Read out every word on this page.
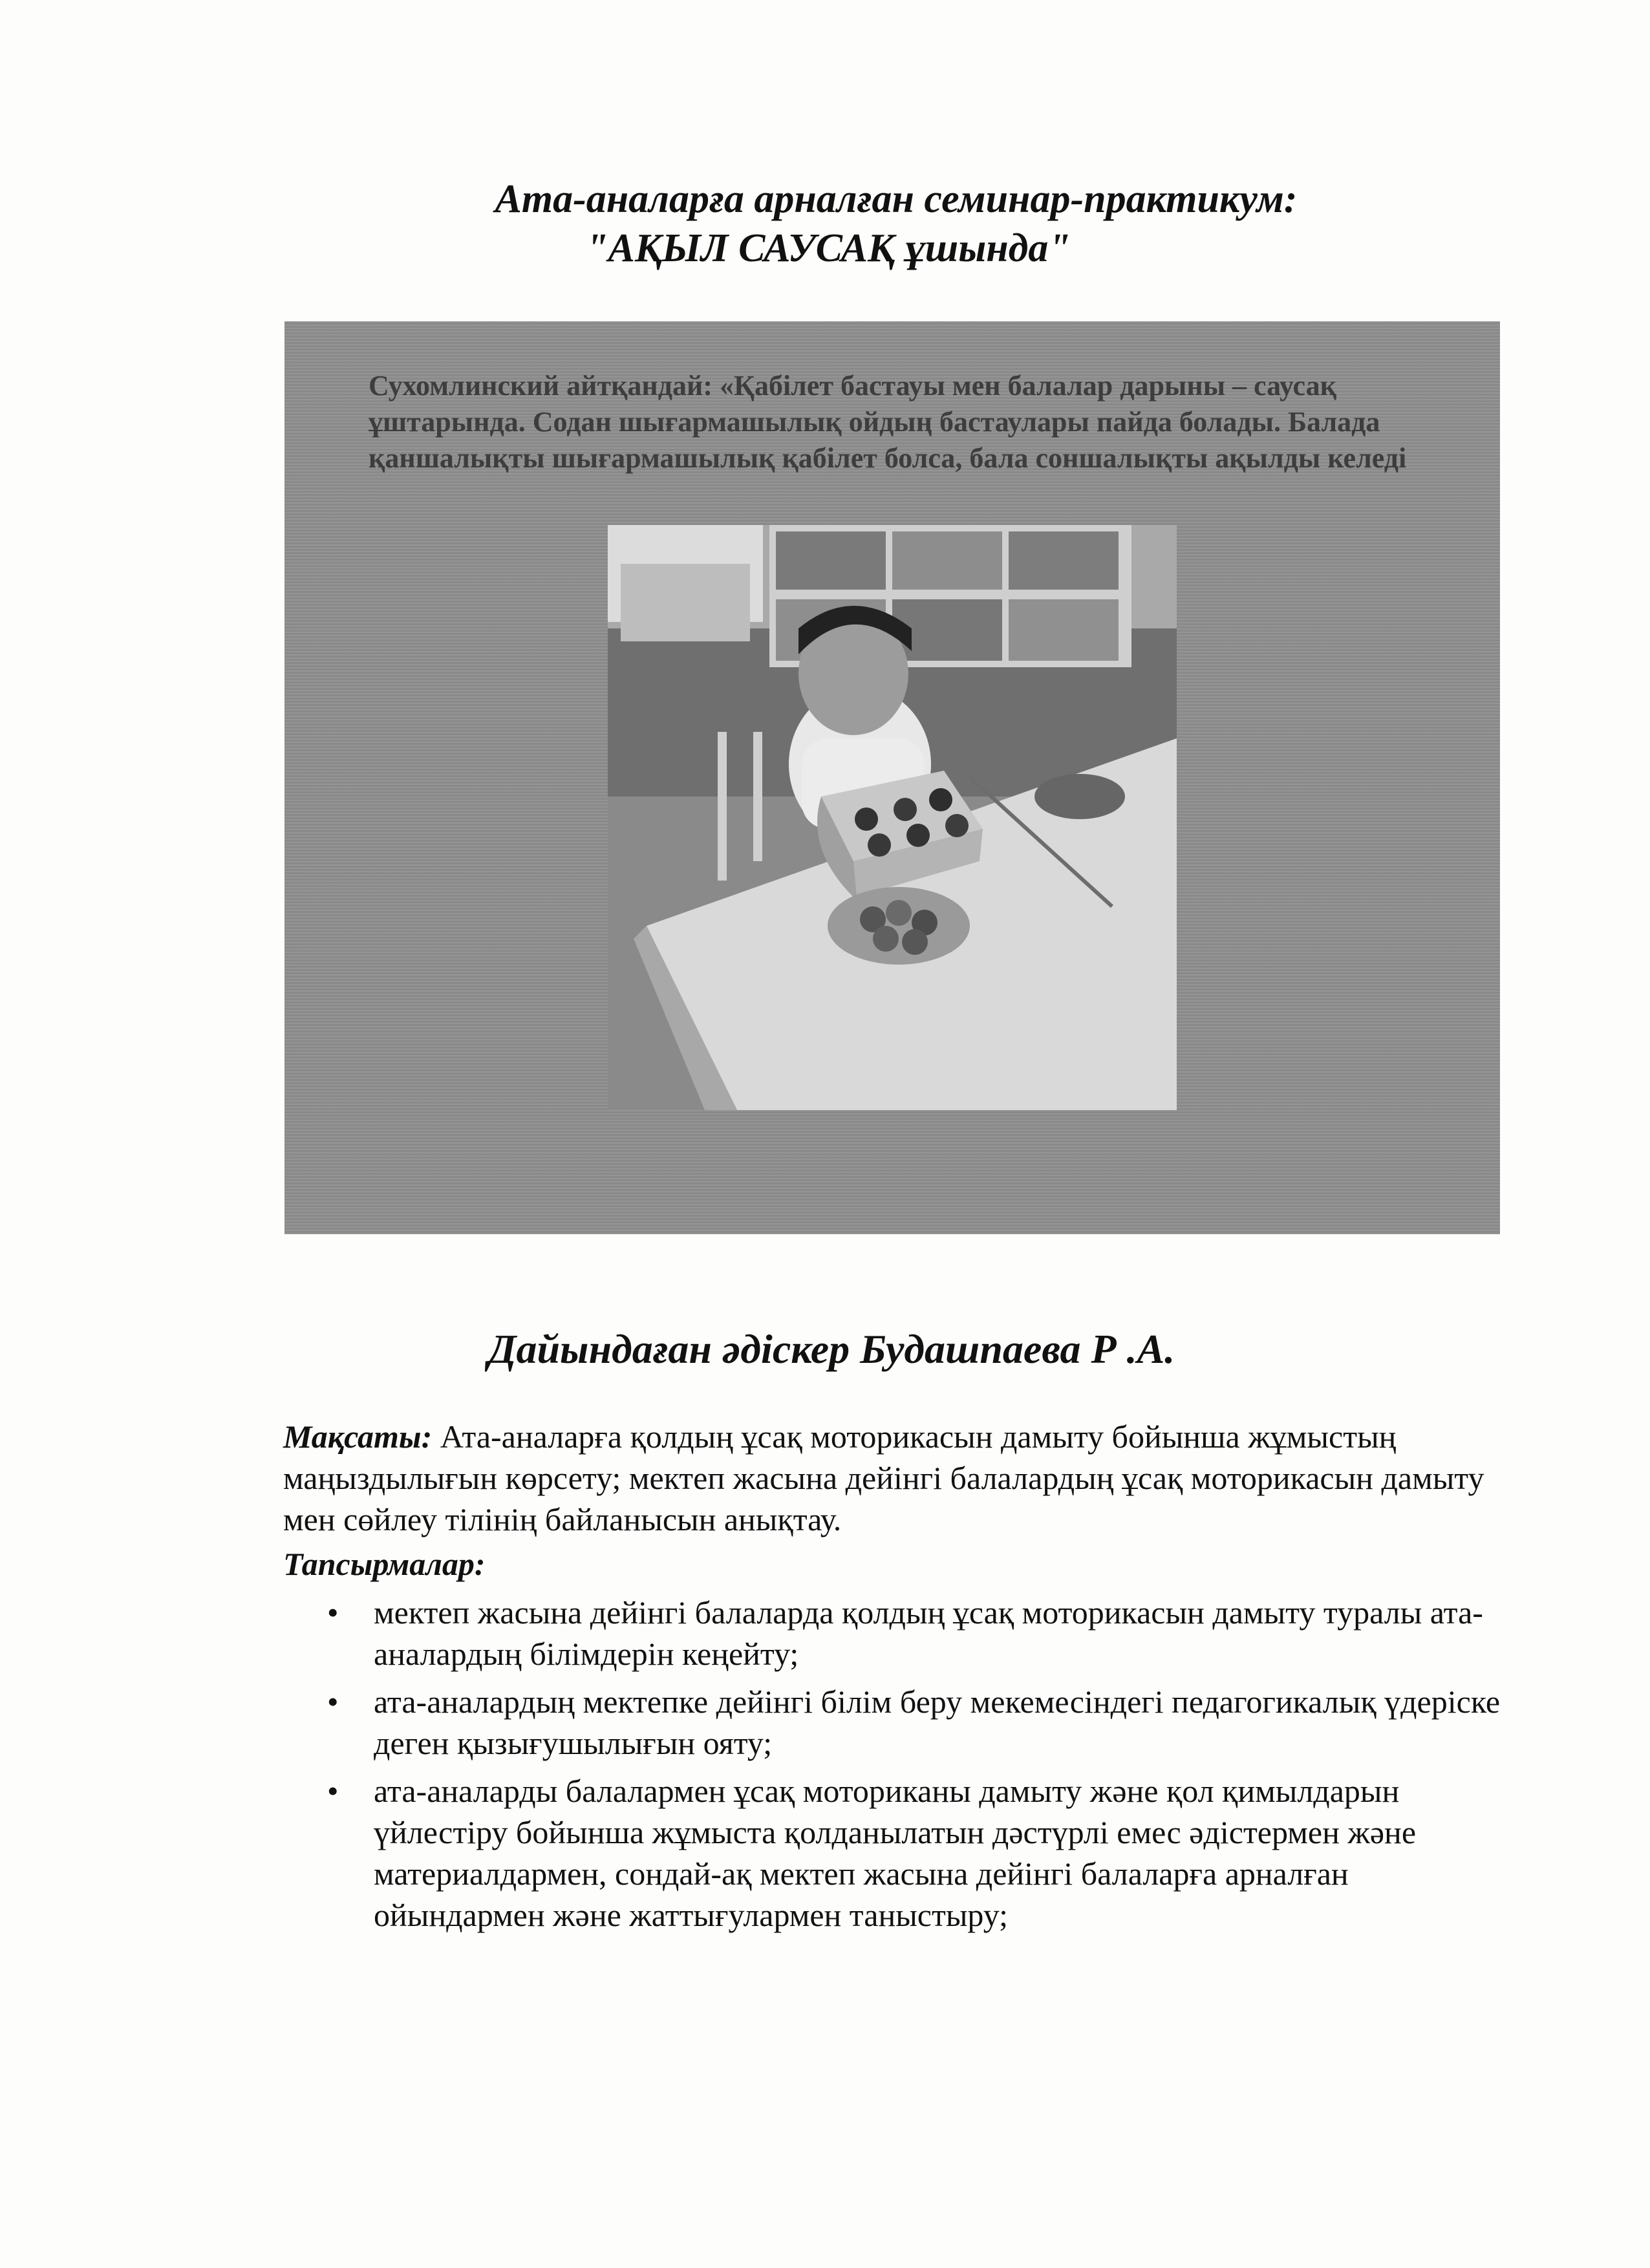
Ата-аналарға арналған семинар-практикум:
"АҚЫЛ САУСАҚ ұшында"

Сухомлинский айтқандай: «Қабілет бастауы мен балалар дарыны – саусақ ұштарында. Содан шығармашылық ойдың бастаулары пайда болады. Балада қаншалықты шығармашылық қабілет болса, бала соншалықты ақылды келеді

Дайындаған әдіскер Будашпаева Р .А.

Мақсаты: Ата-аналарға қолдың ұсақ моторикасын дамыту бойынша жұмыстың маңыздылығын көрсету; мектеп жасына дейінгі балалардың ұсақ моторикасын дамыту мен сөйлеу тілінің байланысын анықтау.

Тапсырмалар:

• мектеп жасына дейінгі балаларда қолдың ұсақ моторикасын дамыту туралы ата-аналардың білімдерін кеңейту;
• ата-аналардың мектепке дейінгі білім беру мекемесіндегі педагогикалық үдеріске деген қызығушылығын ояту;
• ата-аналарды балалармен ұсақ моториканы дамыту және қол қимылдарын үйлестіру бойынша жұмыста қолданылатын дәстүрлі емес әдістермен және материалдармен, сондай-ақ мектеп жасына дейінгі балаларға арналған ойындармен және жаттығулармен таныстыру;
